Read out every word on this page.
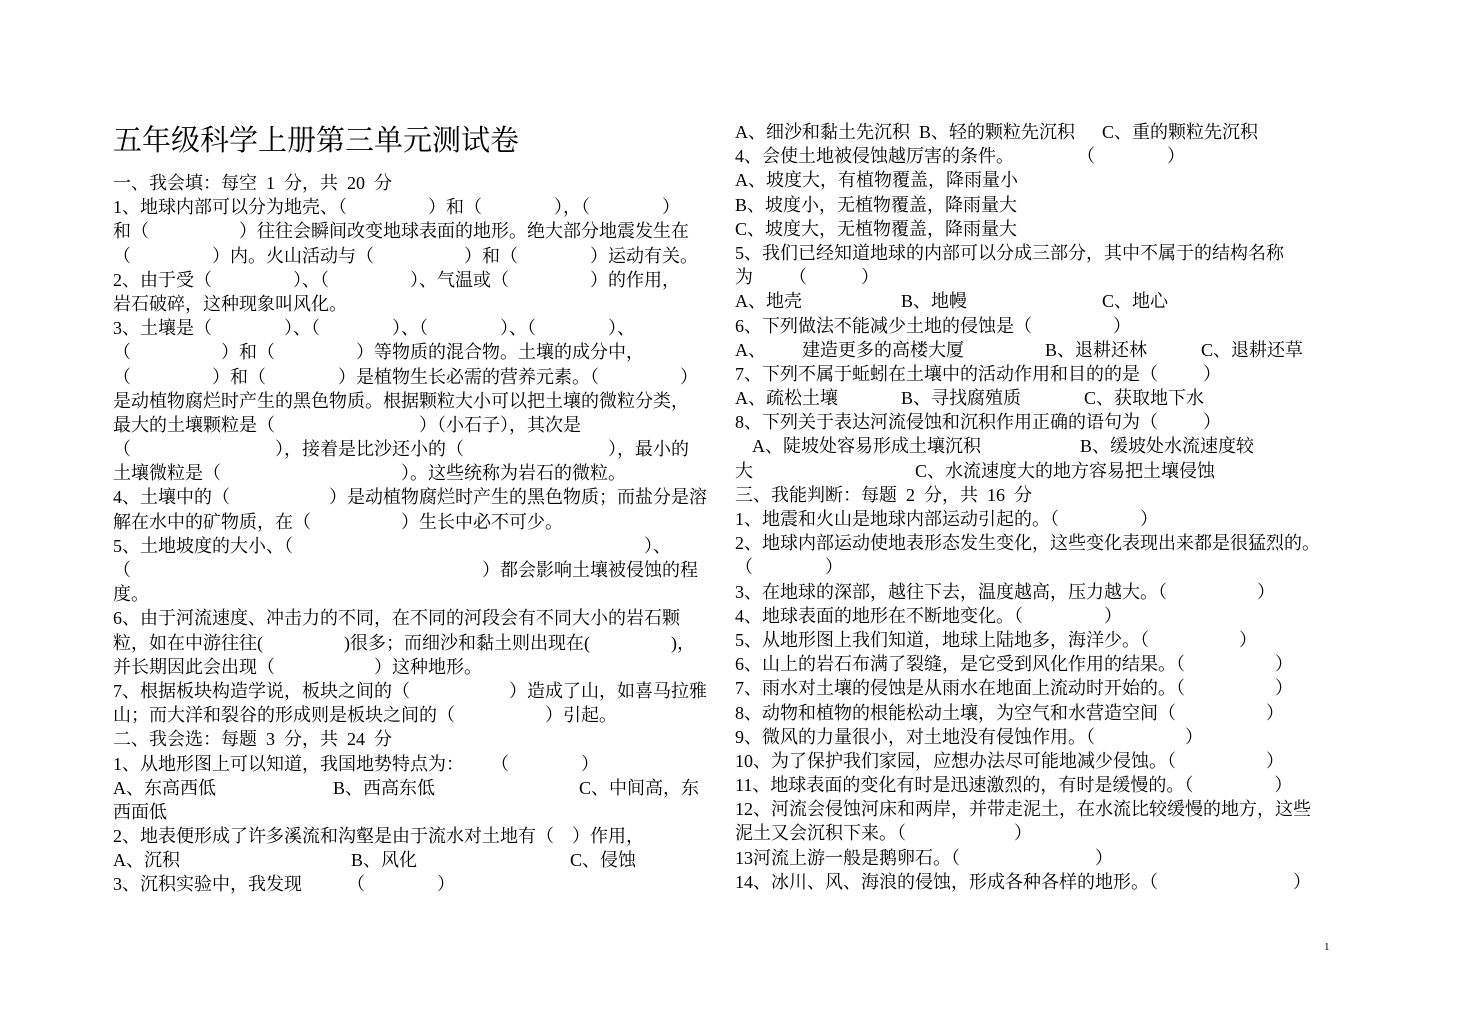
五年级科学上册第三单元测试卷
一、我会填：每空 1 分，共 20 分
1、地球内部可以分为地壳、（         ）和（        ），（        ）
和（          ）往往会瞬间改变地球表面的地形。绝大部分地震发生在
（         ）内。火山活动与（          ）和（        ）运动有关。
2、由于受（         ）、（         ）、气温或（         ）的作用，
岩石破碎，这种现象叫风化。
3、土壤是（        ）、（        ）、（        ）、（        ）、
（          ）和（         ）等物质的混合物。土壤的成分中，
（         ）和（        ）是植物生长必需的营养元素。（         ）
是动植物腐烂时产生的黑色物质。根据颗粒大小可以把土壤的微粒分类，
最大的土壤颗粒是（                ）（小石子），其次是
（                ），接着是比沙还小的（                ），最小的
土壤微粒是（                    ）。这些统称为岩石的微粒。
4、土壤中的（           ）是动植物腐烂时产生的黑色物质；而盐分是溶
解在水中的矿物质，在（          ）生长中必不可少。
5、土地坡度的大小、（                                       ）、
（                                       ）都会影响土壤被侵蚀的程
度。
6、由于河流速度、冲击力的不同，在不同的河段会有不同大小的岩石颗
粒，如在中游往往(         )很多；而细沙和黏土则出现在(         )，
并长期因此会出现（           ）这种地形。
7、根据板块构造学说，板块之间的（           ）造成了山，如喜马拉雅
山；而大洋和裂谷的形成则是板块之间的（          ）引起。
二、我会选：每题 3 分，共 24 分
1、从地形图上可以知道，我国地势特点为：   （        ）
A、东高西低             B、西高东低                C、中间高，东
西面低
2、地表便形成了许多溪流和沟壑是由于流水对土地有（  ）作用，
A、沉积                   B、风化                 C、侵蚀
3、沉积实验中，我发现     （        ）
A、细沙和黏土先沉积 B、轻的颗粒先沉积   C、重的颗粒先沉积
4、会使土地被侵蚀越厉害的条件。       （        ）
A、坡度大，有植物覆盖，降雨量小
B、坡度小，无植物覆盖，降雨量大
C、坡度大，无植物覆盖，降雨量大
5、我们已经知道地球的内部可以分成三部分，其中不属于的结构名称
为    （      ）
A、地壳           B、地幔               C、地心
6、下列做法不能减少土地的侵蚀是（         ）
A、    建造更多的高楼大厦         B、退耕还林      C、退耕还草
7、下列不属于蚯蚓在土壤中的活动作用和目的的是（     ）
A、疏松土壤       B、寻找腐殖质       C、获取地下水
8、下列关于表达河流侵蚀和沉积作用正确的语句为（     ）
A、陡坡处容易形成土壤沉积           B、缓坡处水流速度较
大                  C、水流速度大的地方容易把土壤侵蚀
三、我能判断：每题 2 分，共 16 分
1、地震和火山是地球内部运动引起的。（         ）
2、地球内部运动使地表形态发生变化，这些变化表现出来都是很猛烈的。
（        ）
3、在地球的深部，越往下去，温度越高，压力越大。（          ）
4、地球表面的地形在不断地变化。（         ）
5、从地形图上我们知道，地球上陆地多，海洋少。（          ）
6、山上的岩石布满了裂缝，是它受到风化作用的结果。（          ）
7、雨水对土壤的侵蚀是从雨水在地面上流动时开始的。（          ）
8、动物和植物的根能松动土壤，为空气和水营造空间（          ）
9、微风的力量很小，对土地没有侵蚀作用。（          ）
10、为了保护我们家园，应想办法尽可能地减少侵蚀。（          ）
11、地球表面的变化有时是迅速激烈的，有时是缓慢的。（         ）
12、河流会侵蚀河床和两岸，并带走泥土，在水流比较缓慢的地方，这些
泥土又会沉积下来。（            ）
13河流上游一般是鹅卵石。（               ）
14、冰川、风、海浪的侵蚀，形成各种各样的地形。（               ）
1
